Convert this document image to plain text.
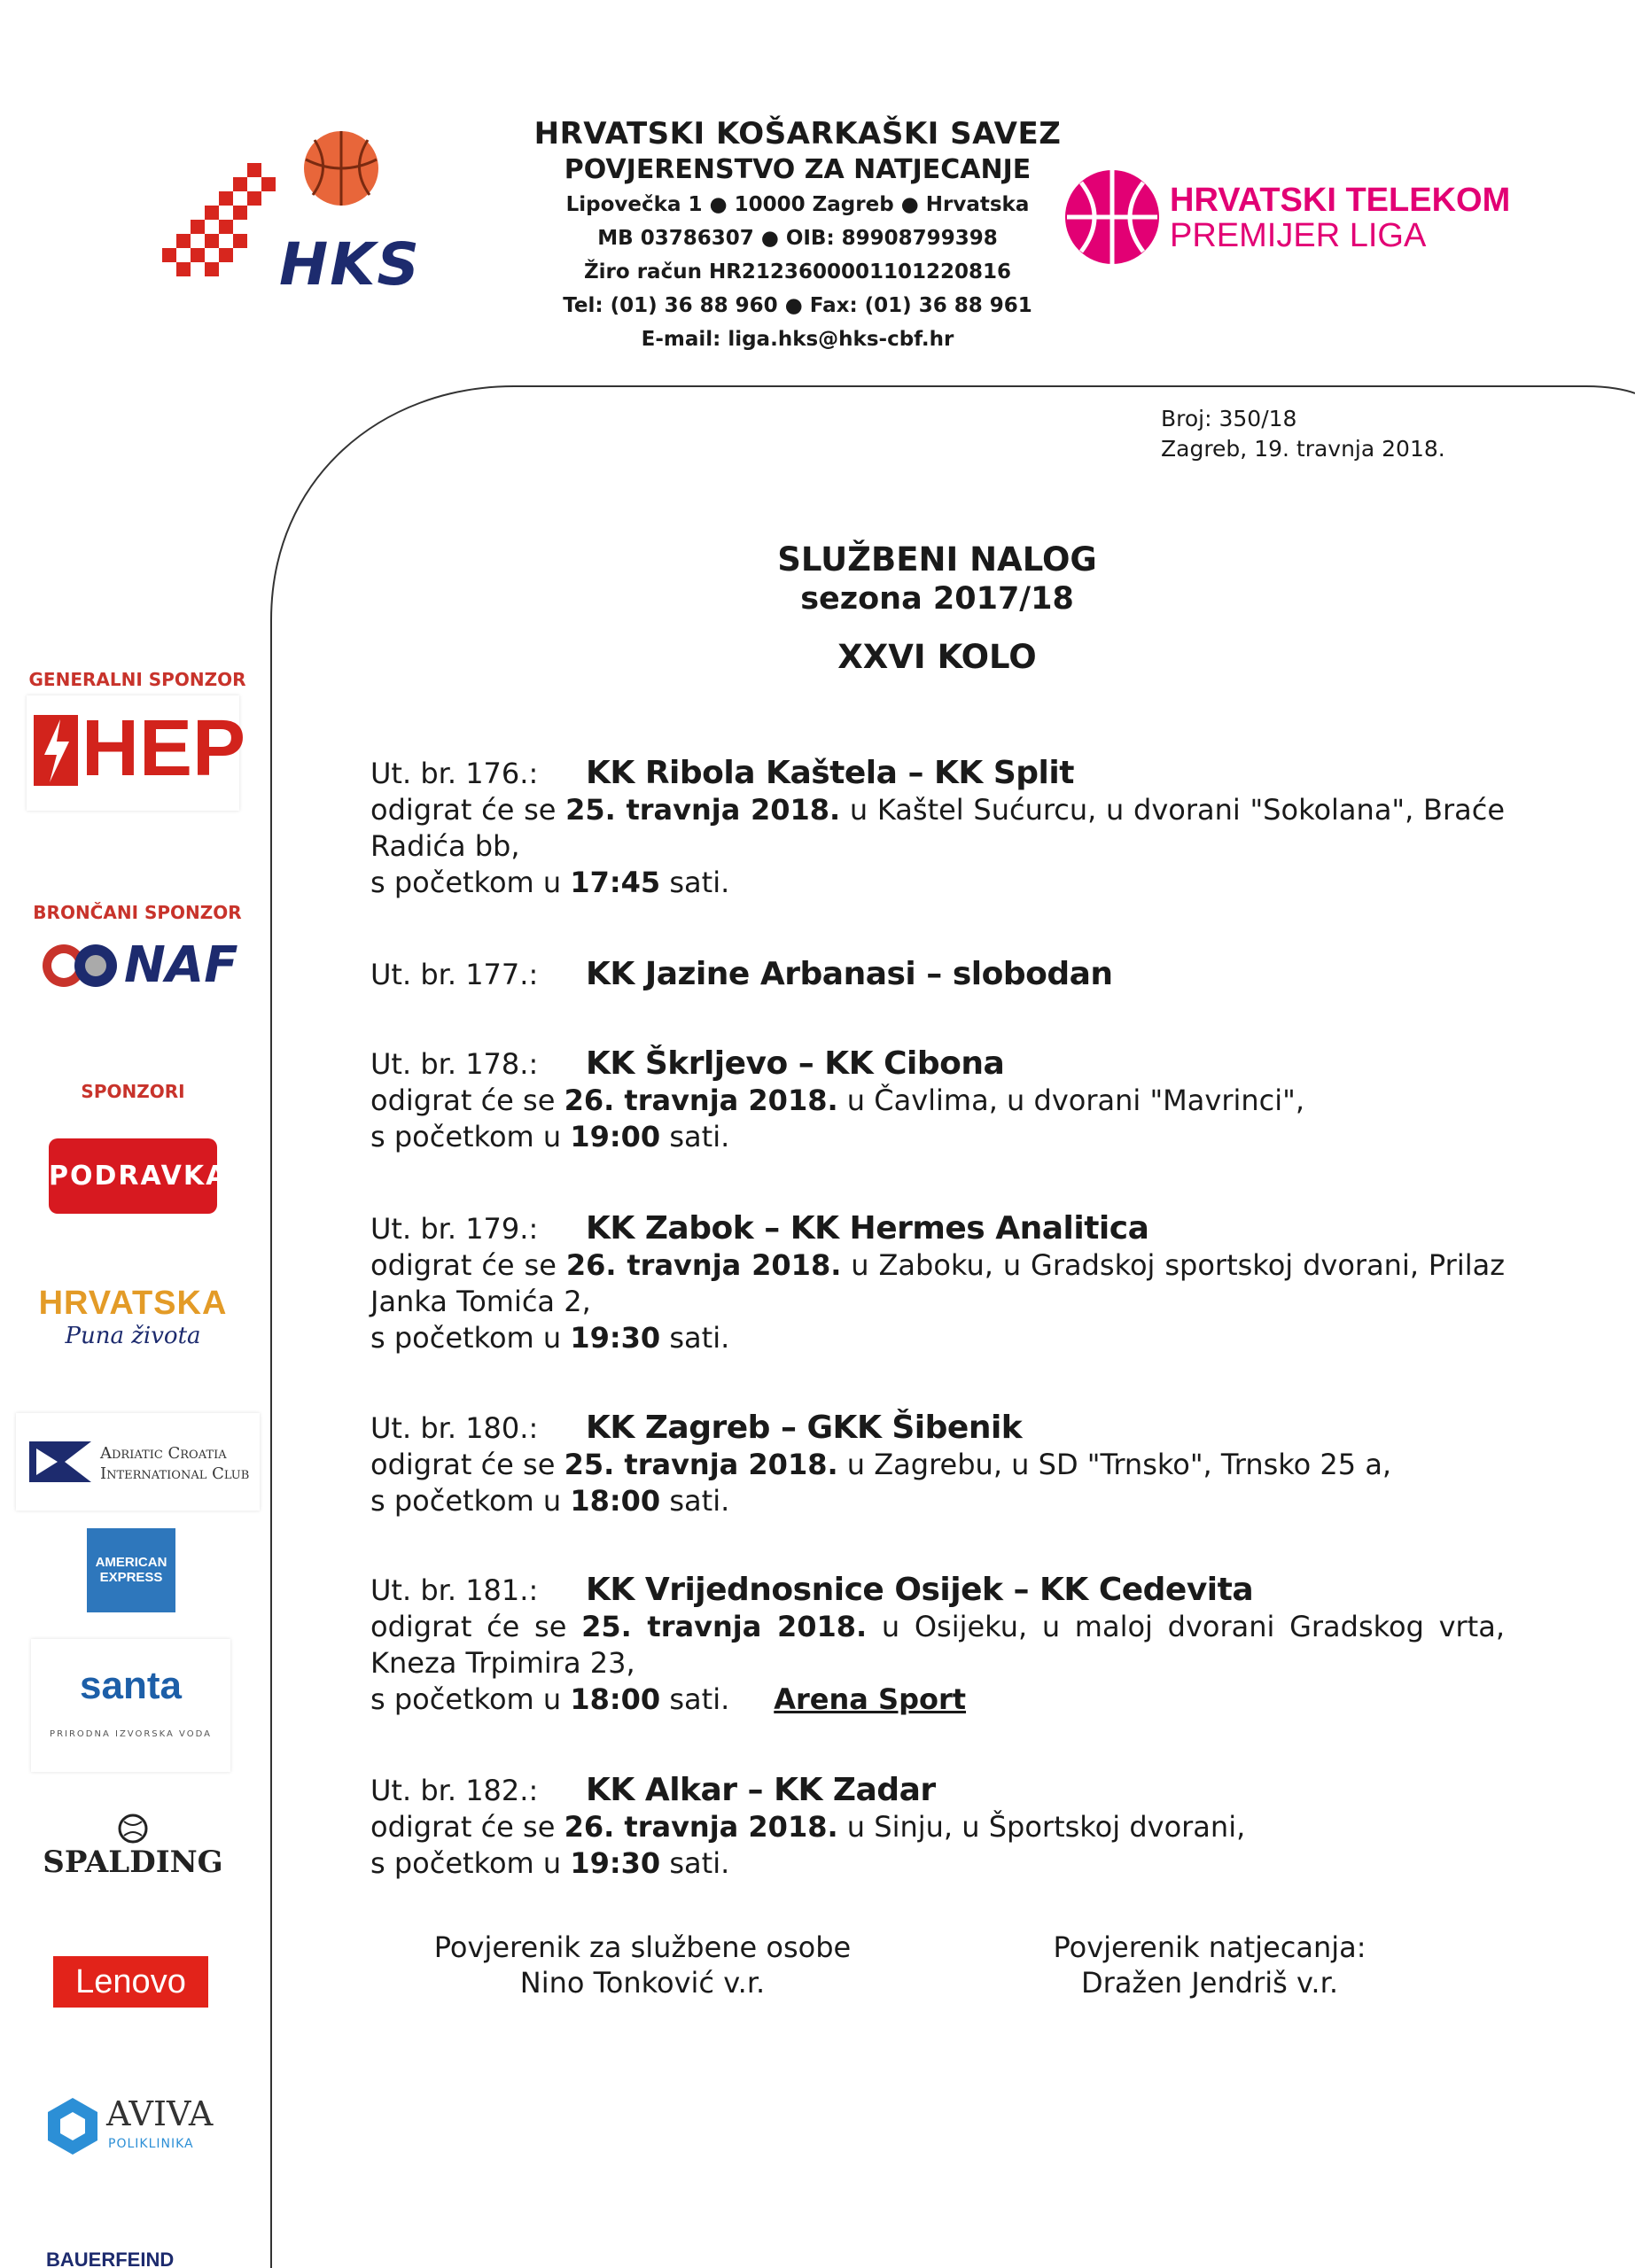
HKS
HRVATSKI KOŠARKAŠKI SAVEZ
POVJERENSTVO ZA NATJECANJE
Lipovečka 1 ● 10000 Zagreb ● Hrvatska
MB 03786307 ● OIB: 89908799398
Žiro račun HR2123600001101220816
Tel: (01) 36 88 960 ● Fax: (01) 36 88 961
E-mail: liga.hks@hks-cbf.hr
HRVATSKI TELEKOM
PREMIJER LIGA
Broj: 350/18
Zagreb, 19. travnja 2018.
SLUŽBENI NALOG
sezona 2017/18
XXVI KOLO
Ut. br. 176.: KK Ribola Kaštela – KK Split
odigrat će se 25. travnja 2018. u Kaštel Sućurcu, u dvorani "Sokolana", Braće Radića bb,
s početkom u 17:45 sati.
Ut. br. 177.: KK Jazine Arbanasi – slobodan
Ut. br. 178.: KK Škrljevo – KK Cibona
odigrat će se 26. travnja 2018. u Čavlima, u dvorani "Mavrinci",
s početkom u 19:00 sati.
Ut. br. 179.: KK Zabok – KK Hermes Analitica
odigrat će se 26. travnja 2018. u Zaboku, u Gradskoj sportskoj dvorani, Prilaz Janka Tomića 2,
s početkom u 19:30 sati.
Ut. br. 180.: KK Zagreb – GKK Šibenik
odigrat će se 25. travnja 2018. u Zagrebu, u SD "Trnsko", Trnsko 25 a,
s početkom u 18:00 sati.
Ut. br. 181.: KK Vrijednosnice Osijek – KK Cedevita
odigrat će se 25. travnja 2018. u Osijeku, u maloj dvorani Gradskog vrta, Kneza Trpimira 23,
s početkom u 18:00 sati. Arena Sport
Ut. br. 182.: KK Alkar – KK Zadar
odigrat će se 26. travnja 2018. u Sinju, u Športskoj dvorani,
s početkom u 19:30 sati.
Povjerenik za službene osobe
Nino Tonković v.r.
Povjerenik natjecanja:
Dražen Jendriš v.r.
GENERALNI SPONZOR
HEP
BRONČANI SPONZOR
NAF
SPONZORI
PODRAVKA
HRVATSKA
Puna života
Adriatic Croatia
International Club
AMERICAN
EXPRESS
santa
PRIRODNA IZVORSKA VODA
SPALDING
Lenovo
AVIVA
POLIKLINIKA
BAUERFEIND
